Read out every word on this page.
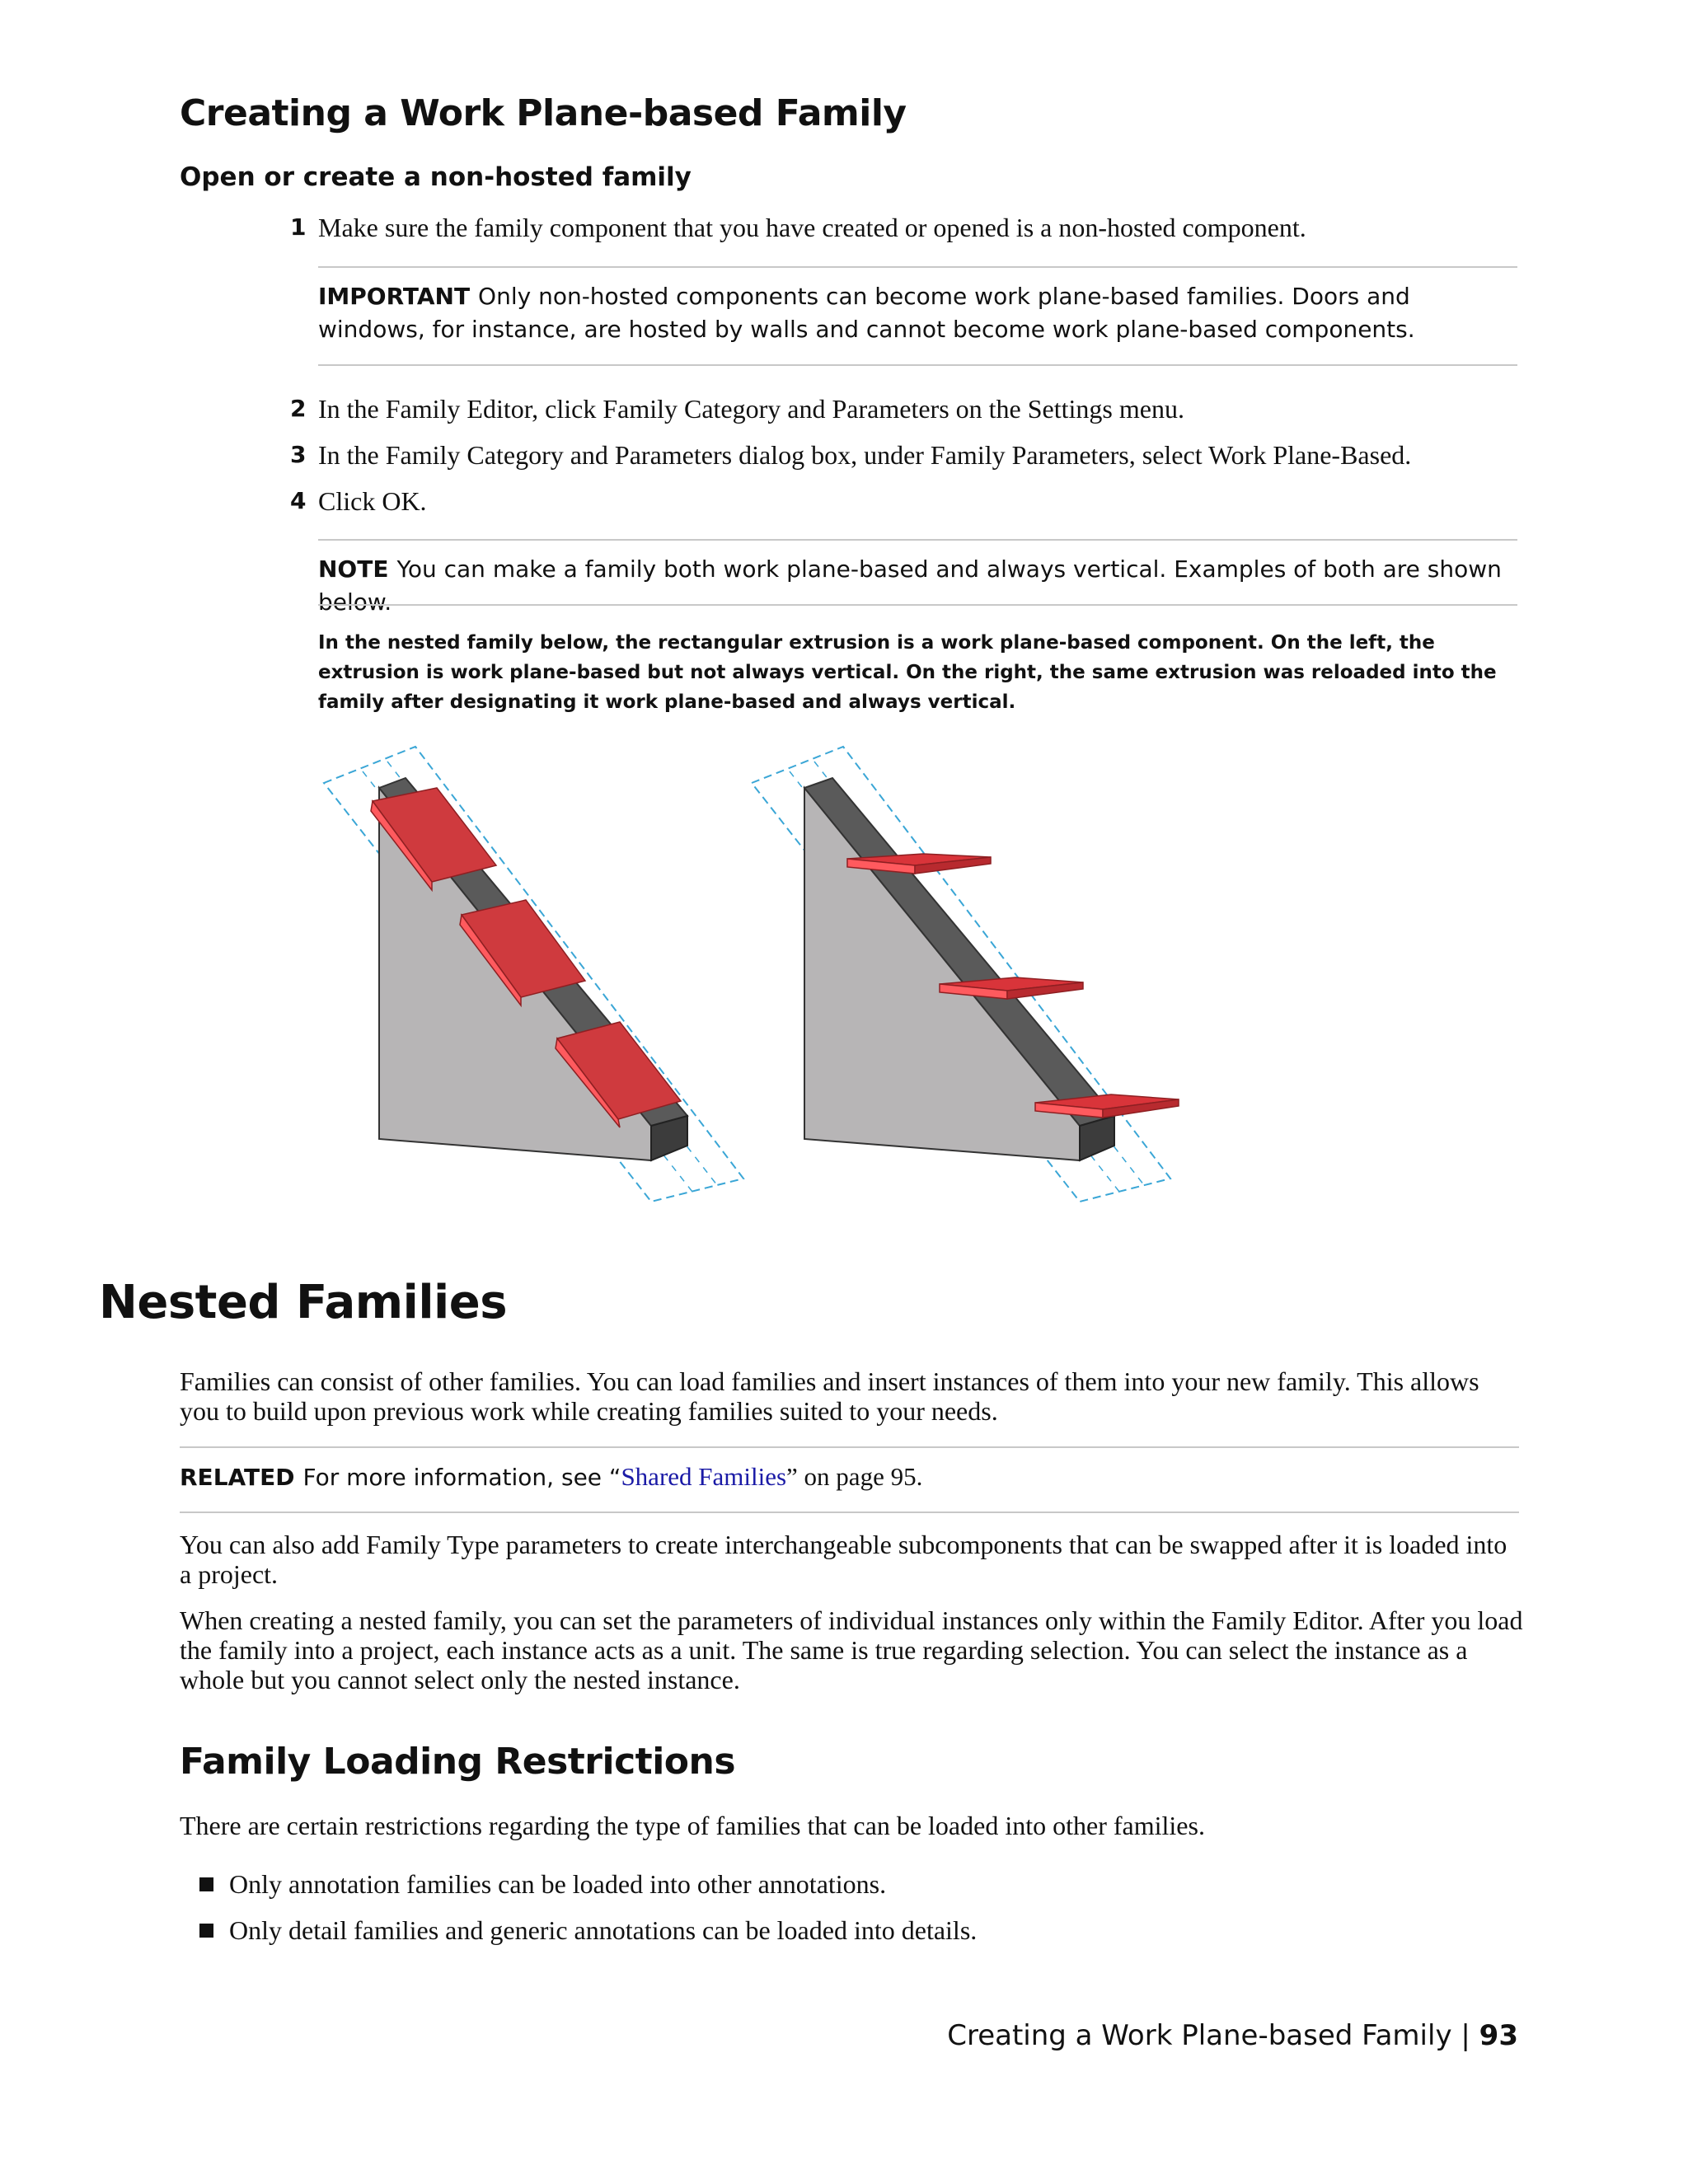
Creating a Work Plane-based Family
Open or create a non-hosted family
1 Make sure the family component that you have created or opened is a non-hosted component.
IMPORTANT Only non-hosted components can become work plane-based families. Doors and windows, for instance, are hosted by walls and cannot become work plane-based components.
2 In the Family Editor, click Family Category and Parameters on the Settings menu.
3 In the Family Category and Parameters dialog box, under Family Parameters, select Work Plane-Based.
4 Click OK.
NOTE You can make a family both work plane-based and always vertical. Examples of both are shown below.
In the nested family below, the rectangular extrusion is a work plane-based component. On the left, the extrusion is work plane-based but not always vertical. On the right, the same extrusion was reloaded into the family after designating it work plane-based and always vertical.
Nested Families
Families can consist of other families. You can load families and insert instances of them into your new family. This allows you to build upon previous work while creating families suited to your needs.
RELATED For more information, see “Shared Families” on page 95.
You can also add Family Type parameters to create interchangeable subcomponents that can be swapped after it is loaded into a project.
When creating a nested family, you can set the parameters of individual instances only within the Family Editor. After you load the family into a project, each instance acts as a unit. The same is true regarding selection. You can select the instance as a whole but you cannot select only the nested instance.
Family Loading Restrictions
There are certain restrictions regarding the type of families that can be loaded into other families.
Only annotation families can be loaded into other annotations.
Only detail families and generic annotations can be loaded into details.
Creating a Work Plane-based Family | 93
